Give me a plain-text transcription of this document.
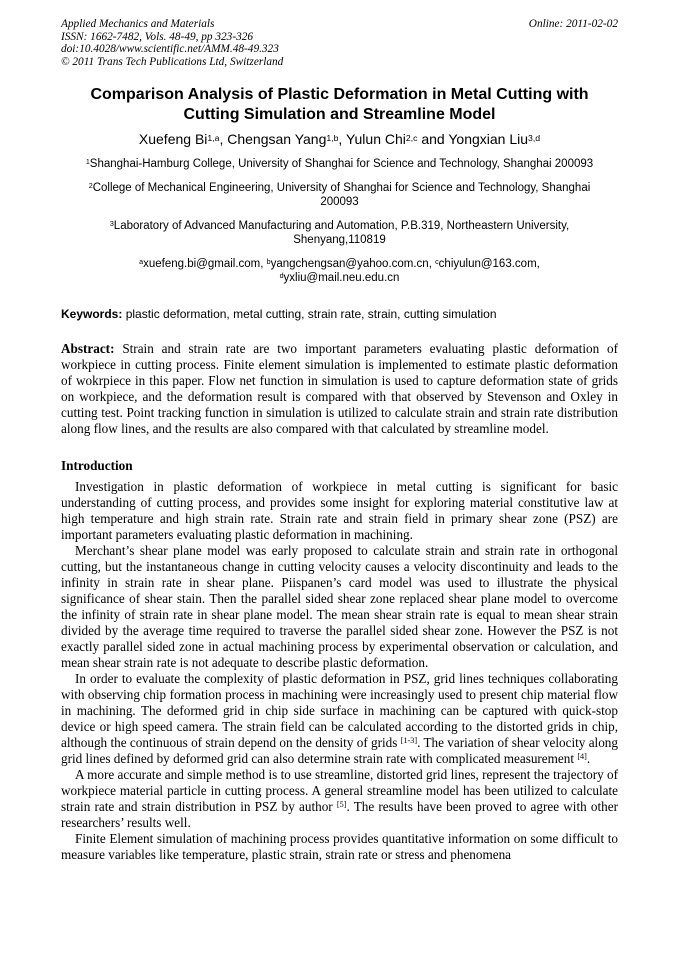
Applied Mechanics and Materials
ISSN: 1662-7482, Vols. 48-49, pp 323-326
doi:10.4028/www.scientific.net/AMM.48-49.323
© 2011 Trans Tech Publications Ltd, Switzerland
Online: 2011-02-02
Comparison Analysis of Plastic Deformation in Metal Cutting with Cutting Simulation and Streamline Model
Xuefeng Bi$^{1,a}$, Chengsan Yang$^{1,b}$, Yulun Chi$^{2,c}$ and Yongxian Liu$^{3,d}$
$^1$Shanghai-Hamburg College, University of Shanghai for Science and Technology, Shanghai 200093
$^2$College of Mechanical Engineering, University of Shanghai for Science and Technology, Shanghai 200093
$^3$Laboratory of Advanced Manufacturing and Automation, P.B.319, Northeastern University, Shenyang,110819
$^a$xuefeng.bi@gmail.com, $^b$yangchengsan@yahoo.com.cn, $^c$chiyulun@163.com,
$^d$yxliu@mail.neu.edu.cn
Keywords: plastic deformation, metal cutting, strain rate, strain, cutting simulation
Abstract: Strain and strain rate are two important parameters evaluating plastic deformation of workpiece in cutting process. Finite element simulation is implemented to estimate plastic deformation of wokrpiece in this paper. Flow net function in simulation is used to capture deformation state of grids on workpiece, and the deformation result is compared with that observed by Stevenson and Oxley in cutting test. Point tracking function in simulation is utilized to calculate strain and strain rate distribution along flow lines, and the results are also compared with that calculated by streamline model.
Introduction

Investigation in plastic deformation of workpiece in metal cutting is significant for basic understanding of cutting process, and provides some insight for exploring material constitutive law at high temperature and high strain rate. Strain rate and strain field in primary shear zone (PSZ) are important parameters evaluating plastic deformation in machining.

Merchant’s shear plane model was early proposed to calculate strain and strain rate in orthogonal cutting, but the instantaneous change in cutting velocity causes a velocity discontinuity and leads to the infinity in strain rate in shear plane. Piispanen’s card model was used to illustrate the physical significance of shear stain. Then the parallel sided shear zone replaced shear plane model to overcome the infinity of strain rate in shear plane model. The mean shear strain rate is equal to mean shear strain divided by the average time required to traverse the parallel sided shear zone. However the PSZ is not exactly parallel sided zone in actual machining process by experimental observation or calculation, and mean shear strain rate is not adequate to describe plastic deformation.

In order to evaluate the complexity of plastic deformation in PSZ, grid lines techniques collaborating with observing chip formation process in machining were increasingly used to present chip material flow in machining. The deformed grid in chip side surface in machining can be captured with quick-stop device or high speed camera. The strain field can be calculated according to the distorted grids in chip, although the continuous of strain depend on the density of grids [1-3]. The variation of shear velocity along grid lines defined by deformed grid can also determine strain rate with complicated measurement [4].

A more accurate and simple method is to use streamline, distorted grid lines, represent the trajectory of workpiece material particle in cutting process. A general streamline model has been utilized to calculate strain rate and strain distribution in PSZ by author [5]. The results have been proved to agree with other researchers’ results well.

Finite Element simulation of machining process provides quantitative information on some difficult to measure variables like temperature, plastic strain, strain rate or stress and phenomena
